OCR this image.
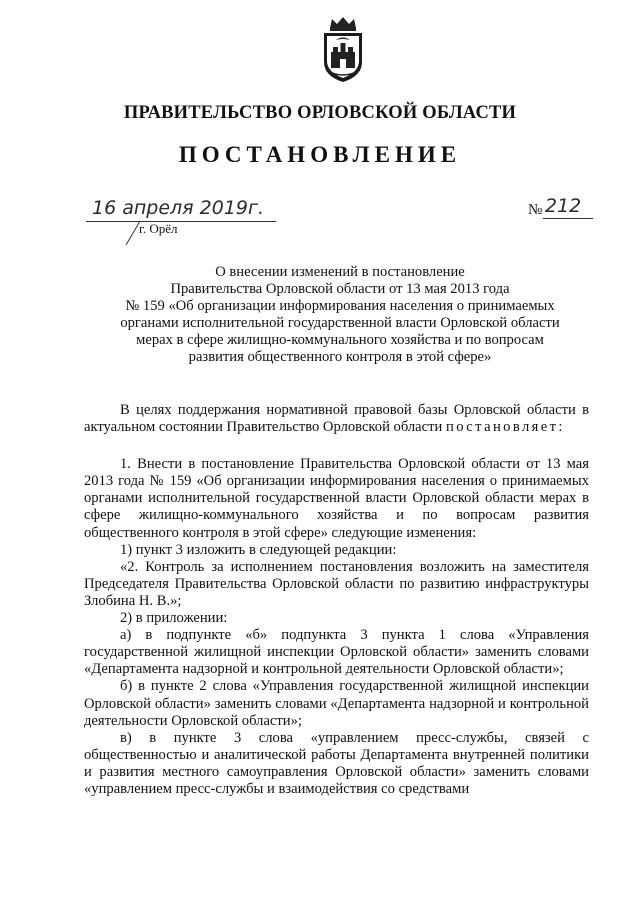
ПРАВИТЕЛЬСТВО ОРЛОВСКОЙ ОБЛАСТИ
ПОСТАНОВЛЕНИЕ
16 апреля 2019г.
г. Орёл
№ 212
О внесении изменений в постановление
Правительства Орловской области от 13 мая 2013 года
№ 159 «Об организации информирования населения о принимаемых
органами исполнительной государственной власти Орловской области
мерах в сфере жилищно-коммунального хозяйства и по вопросам
развития общественного контроля в этой сфере»

В целях поддержания нормативной правовой базы Орловской области в актуальном состоянии Правительство Орловской области постановляет:

1. Внести в постановление Правительства Орловской области от 13 мая 2013 года № 159 «Об организации информирования населения о принимаемых органами исполнительной государственной власти Орловской области мерах в сфере жилищно-коммунального хозяйства и по вопросам развития общественного контроля в этой сфере» следующие изменения:

1) пункт 3 изложить в следующей редакции:

«2. Контроль за исполнением постановления возложить на заместителя Председателя Правительства Орловской области по развитию инфраструктуры Злобина Н. В.»;

2) в приложении:

а) в подпункте «б» подпункта 3 пункта 1 слова «Управления государственной жилищной инспекции Орловской области» заменить словами «Департамента надзорной и контрольной деятельности Орловской области»;

б) в пункте 2 слова «Управления государственной жилищной инспекции Орловской области» заменить словами «Департамента надзорной и контрольной деятельности Орловской области»;

в) в пункте 3 слова «управлением пресс-службы, связей с общественностью и аналитической работы Департамента внутренней политики и развития местного самоуправления Орловской области» заменить словами «управлением пресс-службы и взаимодействия со средствами
